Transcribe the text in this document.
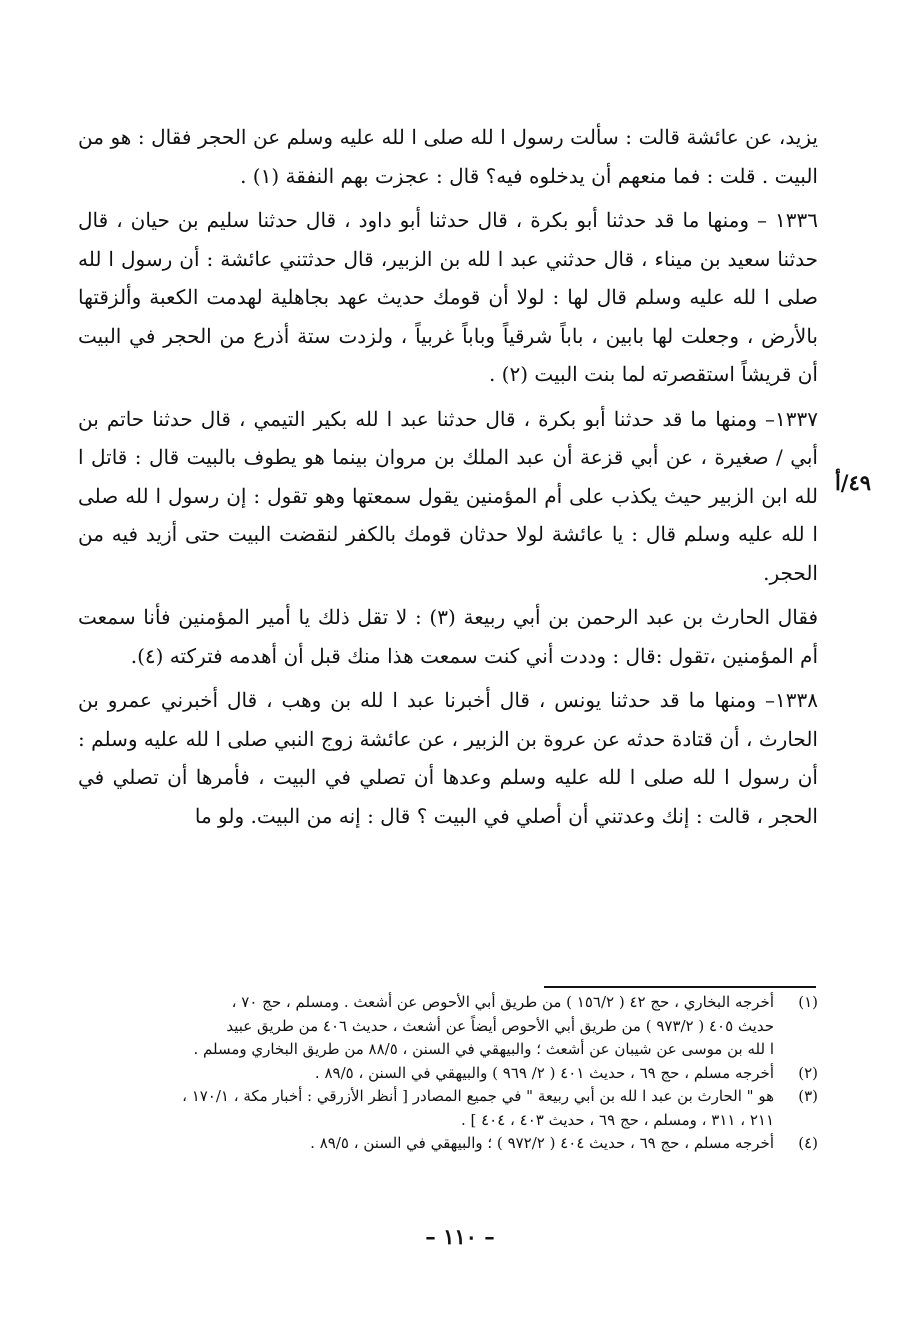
يزيد، عن عائشة قالت : سألت رسول ا لله صلى ا لله عليه وسلم عن الحجر فقال : هو من البيت . قلت : فما منعهم أن يدخلوه فيه؟ قال : عجزت بهم النفقة (١) .

١٣٣٦ – ومنها ما قد حدثنا أبو بكرة ، قال حدثنا أبو داود ، قال حدثنا سليم بن حيان ، قال حدثنا سعيد بن ميناء ، قال حدثني عبد ا لله بن الزبير، قال حدثتني عائشة : أن رسول ا لله صلى ا لله عليه وسلم قال لها : لولا أن قومك حديث عهد بجاهلية لهدمت الكعبة وألزقتها بالأرض ، وجعلت لها بابين ، باباً شرقياً وباباً غربياً ، ولزدت ستة أذرع من الحجر في البيت أن قريشاً استقصرته لما بنت البيت (٢) .

١٣٣٧– ومنها ما قد حدثنا أبو بكرة ، قال حدثنا عبد ا لله بكير التيمي ، قال حدثنا حاتم بن أبي / صغيرة ، عن أبي قزعة أن عبد الملك بن مروان بينما هو يطوف بالبيت قال : قاتل ا لله ابن الزبير حيث يكذب على أم المؤمنين يقول سمعتها وهو تقول : إن رسول ا لله صلى ا لله عليه وسلم قال : يا عائشة لولا حدثان قومك بالكفر لنقضت البيت حتى أزيد فيه من الحجر.

فقال الحارث بن عبد الرحمن بن أبي ربيعة (٣) : لا تقل ذلك يا أمير المؤمنين فأنا سمعت أم المؤمنين ،تقول :قال : وددت أني كنت سمعت هذا منك قبل أن أهدمه فتركته (٤).

١٣٣٨– ومنها ما قد حدثنا يونس ، قال أخبرنا عبد ا لله بن وهب ، قال أخبرني عمرو بن الحارث ، أن قتادة حدثه عن عروة بن الزبير ، عن عائشة زوج النبي صلى ا لله عليه وسلم : أن رسول ا لله صلى ا لله عليه وسلم وعدها أن تصلي في البيت ، فأمرها أن تصلي في الحجر ، قالت : إنك وعدتني أن أصلي في البيت ؟ قال : إنه من البيت. ولو ما

٤٩/أ
(١)
أخرجه البخاري ، حج ٤٢ ( ١٥٦/٢ ) من طريق أبي الأحوص عن أشعث . ومسلم ، حج ٧٠ ،
حديث ٤٠٥ ( ٩٧٣/٢ ) من طريق أبي الأحوص أيضاً عن أشعث ، حديث ٤٠٦ من طريق عبيد
ا لله بن موسى عن شيبان عن أشعث ؛ والبيهقي في السنن ، ٨٨/٥ من طريق البخاري ومسلم .
(٢)
أخرجه مسلم ، حج ٦٩ ، حديث ٤٠١ ( ٢/ ٩٦٩ ) والبيهقي في السنن ، ٨٩/٥ .
(٣)
هو " الحارث بن عبد ا لله بن أبي ربيعة " في جميع المصادر [ أنظر الأزرقي : أخبار مكة ، ١٧٠/١ ،
٢١١ ، ٣١١ ، ومسلم ، حج ٦٩ ، حديث ٤٠٣ ، ٤٠٤ ] .
(٤)
أخرجه مسلم ، حج ٦٩ ، حديث ٤٠٤ ( ٩٧٢/٢ ) ؛ والبيهقي في السنن ، ٨٩/٥ .
– ١١٠ –
